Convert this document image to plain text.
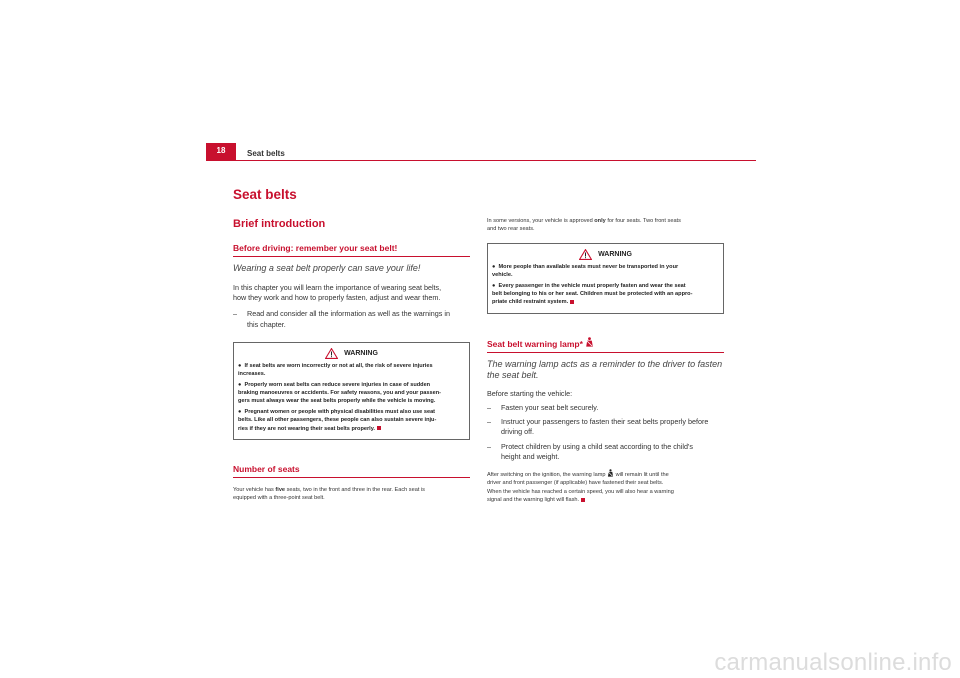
18	Seat belts
Seat belts
Brief introduction
Before driving: remember your seat belt!
Wearing a seat belt properly can save your life!

In this chapter you will learn the importance of wearing seat belts,

how they work and how to properly fasten, adjust and wear them.

– Read and consider all the information as well as the warnings in

this chapter.

WARNING

●  If seat belts are worn incorrectly or not at all, the risk of severe injuries

increases.

●  Properly worn seat belts can reduce severe injuries in case of sudden

braking manoeuvres or accidents. For safety reasons, you and your passen-

gers must always wear the seat belts properly while the vehicle is moving.

●  Pregnant women or people with physical disabilities must also use seat

belts. Like all other passengers, these people can also sustain severe inju-

ries if they are not wearing their seat belts properly.

Number of seats

Your vehicle has five seats, two in the front and three in the rear. Each seat is

equipped with a three-point seat belt.

In some versions, your vehicle is approved only for four seats. Two front seats

and two rear seats.

WARNING

●  More people than available seats must never be transported in your

vehicle.

●  Every passenger in the vehicle must properly fasten and wear the seat

belt belonging to his or her seat. Children must be protected with an appro-

priate child restraint system.

Seat belt warning lamp*

The warning lamp acts as a reminder to the driver to fasten

the seat belt.

Before starting the vehicle:

– Fasten your seat belt securely.

– Instruct your passengers to fasten their seat belts properly before

driving off.

– Protect children by using a child seat according to the child's

height and weight.

After switching on the ignition, the warning lamp will remain lit until the

driver and front passenger (if applicable) have fastened their seat belts.

When the vehicle has reached a certain speed, you will also hear a warning

signal and the warning light will flash.

carmanualsonline.info
